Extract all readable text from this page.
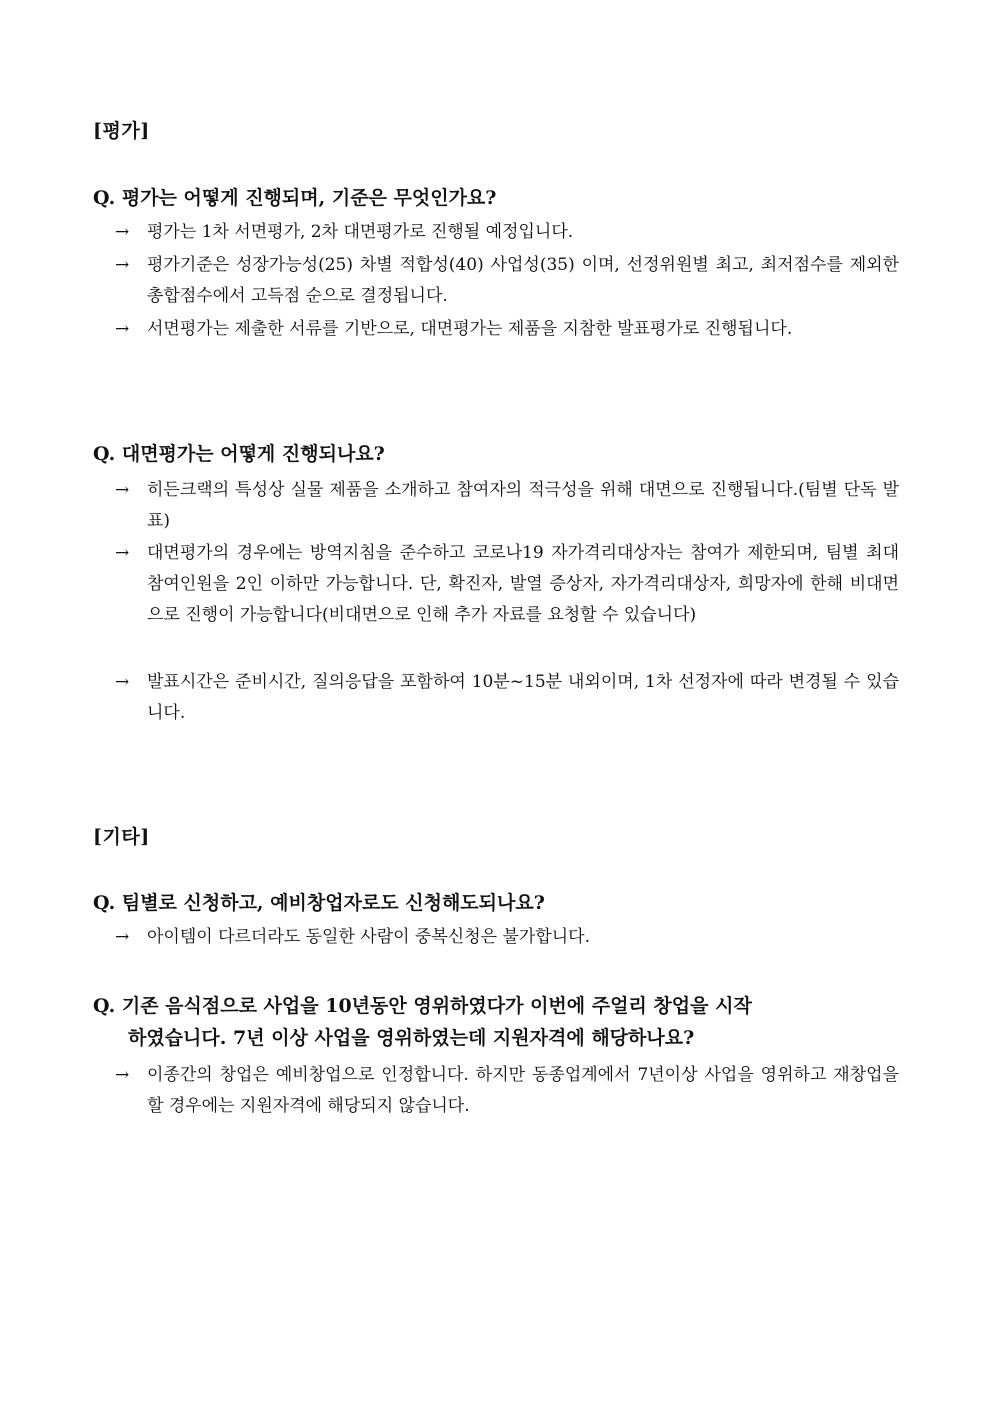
[평가]
Q. 평가는 어떻게 진행되며, 기준은 무엇인가요?
→ 평가는 1차 서면평가, 2차 대면평가로 진행될 예정입니다.
→ 평가기준은 성장가능성(25) 차별 적합성(40) 사업성(35) 이며, 선정위원별 최고, 최저점수를 제외한 총합점수에서 고득점 순으로 결정됩니다.
→ 서면평가는 제출한 서류를 기반으로, 대면평가는 제품을 지참한 발표평가로 진행됩니다.
Q. 대면평가는 어떻게 진행되나요?
→ 히든크랙의 특성상 실물 제품을 소개하고 참여자의 적극성을 위해 대면으로 진행됩니다.(팀별 단독 발표)
→ 대면평가의 경우에는 방역지침을 준수하고 코로나19 자가격리대상자는 참여가 제한되며, 팀별 최대 참여인원을 2인 이하만 가능합니다. 단, 확진자, 발열 증상자, 자가격리대상자, 희망자에 한해 비대면으로 진행이 가능합니다(비대면으로 인해 추가 자료를 요청할 수 있습니다)
→ 발표시간은 준비시간, 질의응답을 포함하여 10분~15분 내외이며, 1차 선정자에 따라 변경될 수 있습니다.
[기타]
Q. 팀별로 신청하고, 예비창업자로도 신청해도되나요?
→ 아이템이 다르더라도 동일한 사람이 중복신청은 불가합니다.
Q. 기존 음식점으로 사업을 10년동안 영위하였다가 이번에 주얼리 창업을 시작
하였습니다. 7년 이상 사업을 영위하였는데 지원자격에 해당하나요?
→ 이종간의 창업은 예비창업으로 인정합니다. 하지만 동종업계에서 7년이상 사업을 영위하고 재창업을 할 경우에는 지원자격에 해당되지 않습니다.
